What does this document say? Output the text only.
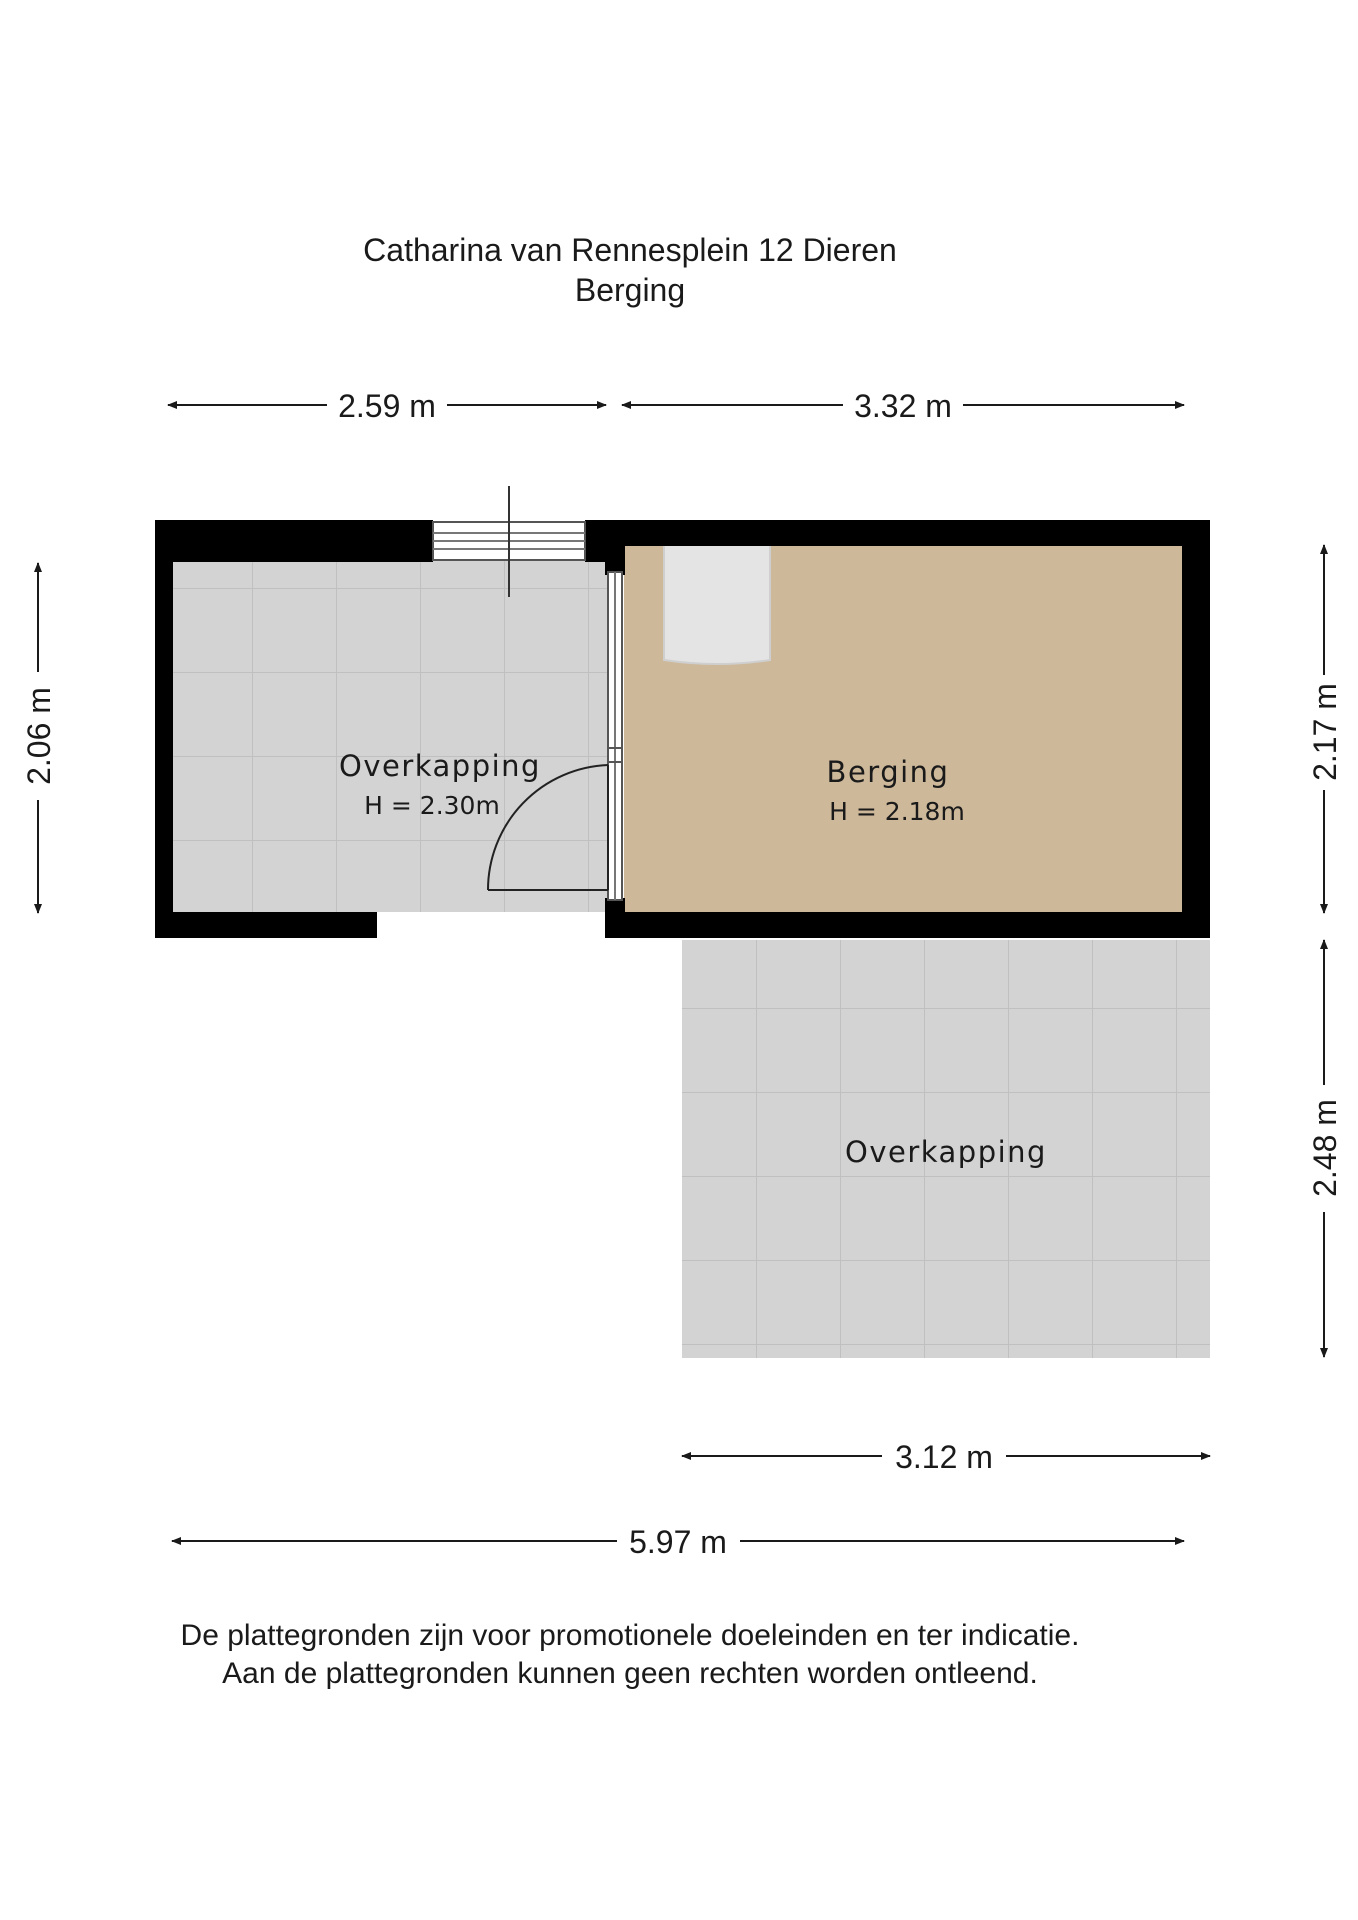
Catharina van Rennesplein 12 Dieren
Berging
Overkapping
H = 2.30m
Berging
H = 2.18m
Overkapping
2.59 m	3.32 m
2.06 m	2.17 m
2.48 m
3.12 m
5.97 m
De plattegronden zijn voor promotionele doeleinden en ter indicatie.
Aan de plattegronden kunnen geen rechten worden ontleend.
